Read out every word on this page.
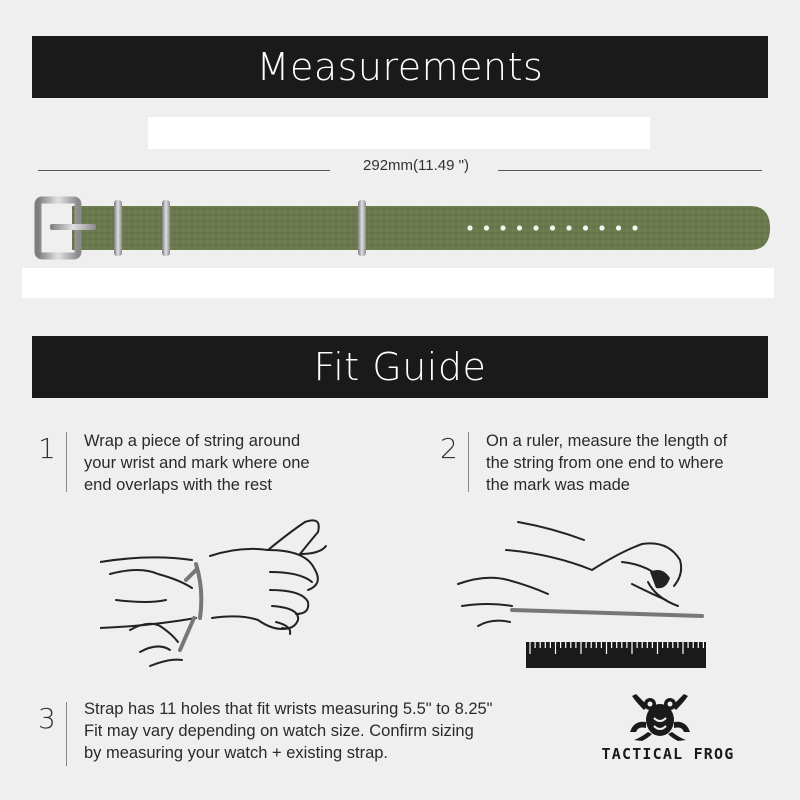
Measurements
292mm(11.49 ")
Fit Guide
1 Wrap a piece of string around
your wrist and mark where one
end overlaps with the rest
2 On a ruler, measure the length of
the string from one end to where
the mark was made
3 Strap has 11 holes that fit wrists measuring 5.5" to 8.25"
Fit may vary depending on watch size. Confirm sizing
by measuring your watch + existing strap.	TACTICAL FROG
